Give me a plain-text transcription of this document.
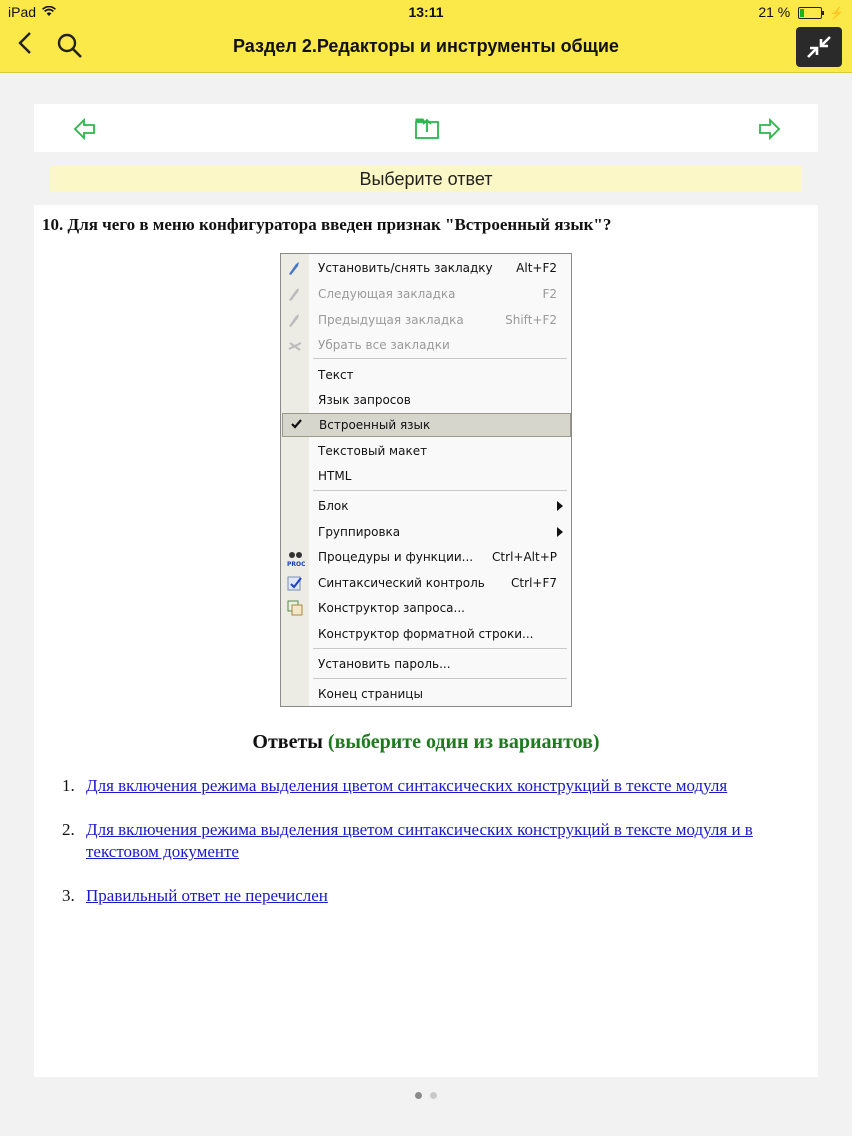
iPad	13:11	21 %	⚡
Раздел 2.Редакторы и инструменты общие
Выберите ответ
10. Для чего в меню конфигуратора введен признак "Встроенный язык"?
Установить/снять закладку Alt+F2
Следующая закладка	F2
Предыдущая закладка	Shift+F2
Убрать все закладки
Текст
Язык запросов
Встроенный язык
Текстовый макет
HTML
Блок
Группировка
PROC
Процедуры и функции... Ctrl+Alt+P
Синтаксический контроль Ctrl+F7
Конструктор запроса...
Конструктор форматной строки...
Установить пароль...
Конец страницы
Ответы (выберите один из вариантов)
1. Для включения режима выделения цветом синтаксических конструкций в тексте модуля
2. Для включения режима выделения цветом синтаксических конструкций в тексте модуля и в текстовом документе
3. Правильный ответ не перечислен
